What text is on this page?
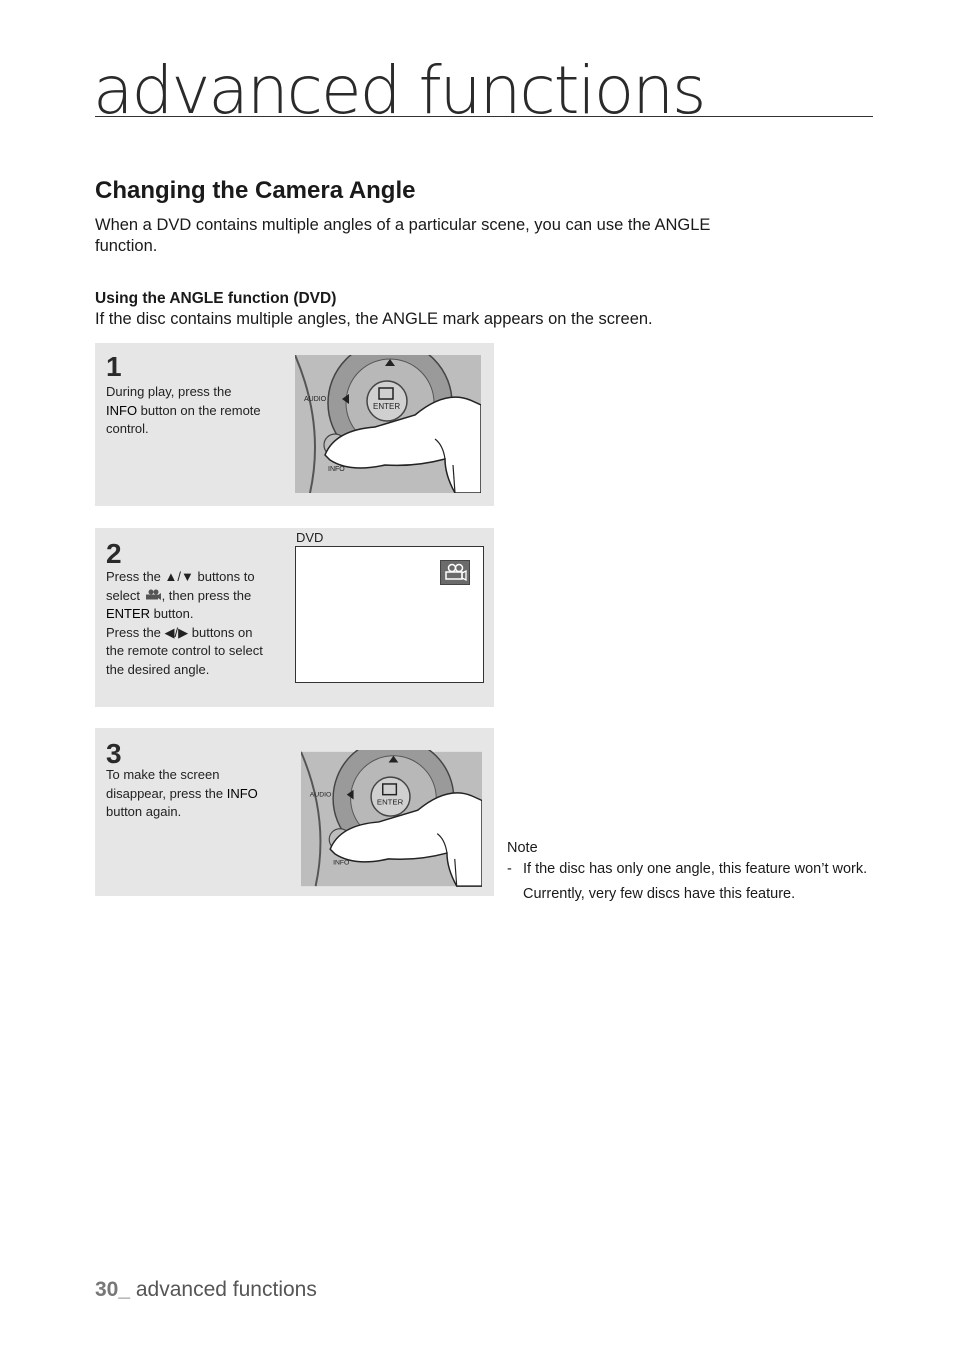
advanced functions
Changing the Camera Angle

When a DVD contains multiple angles of a particular scene, you can use the ANGLE function.

Using the ANGLE function (DVD)

If the disc contains multiple angles, the ANGLE mark appears on the screen.

1
During play, press the INFO button on the remote control.
ENTER
AUDIO
INFO
2
Press the ▲/▼ buttons to select , then press the ENTER button.
Press the ◀/▶ buttons on the remote control to select the desired angle.
DVD
3
To make the screen disappear, press the INFO button again.
ENTER
AUDIO
INFO

Note

- If the disc has only one angle, this feature won’t work. Currently, very few discs have this feature.
30_ advanced functions
